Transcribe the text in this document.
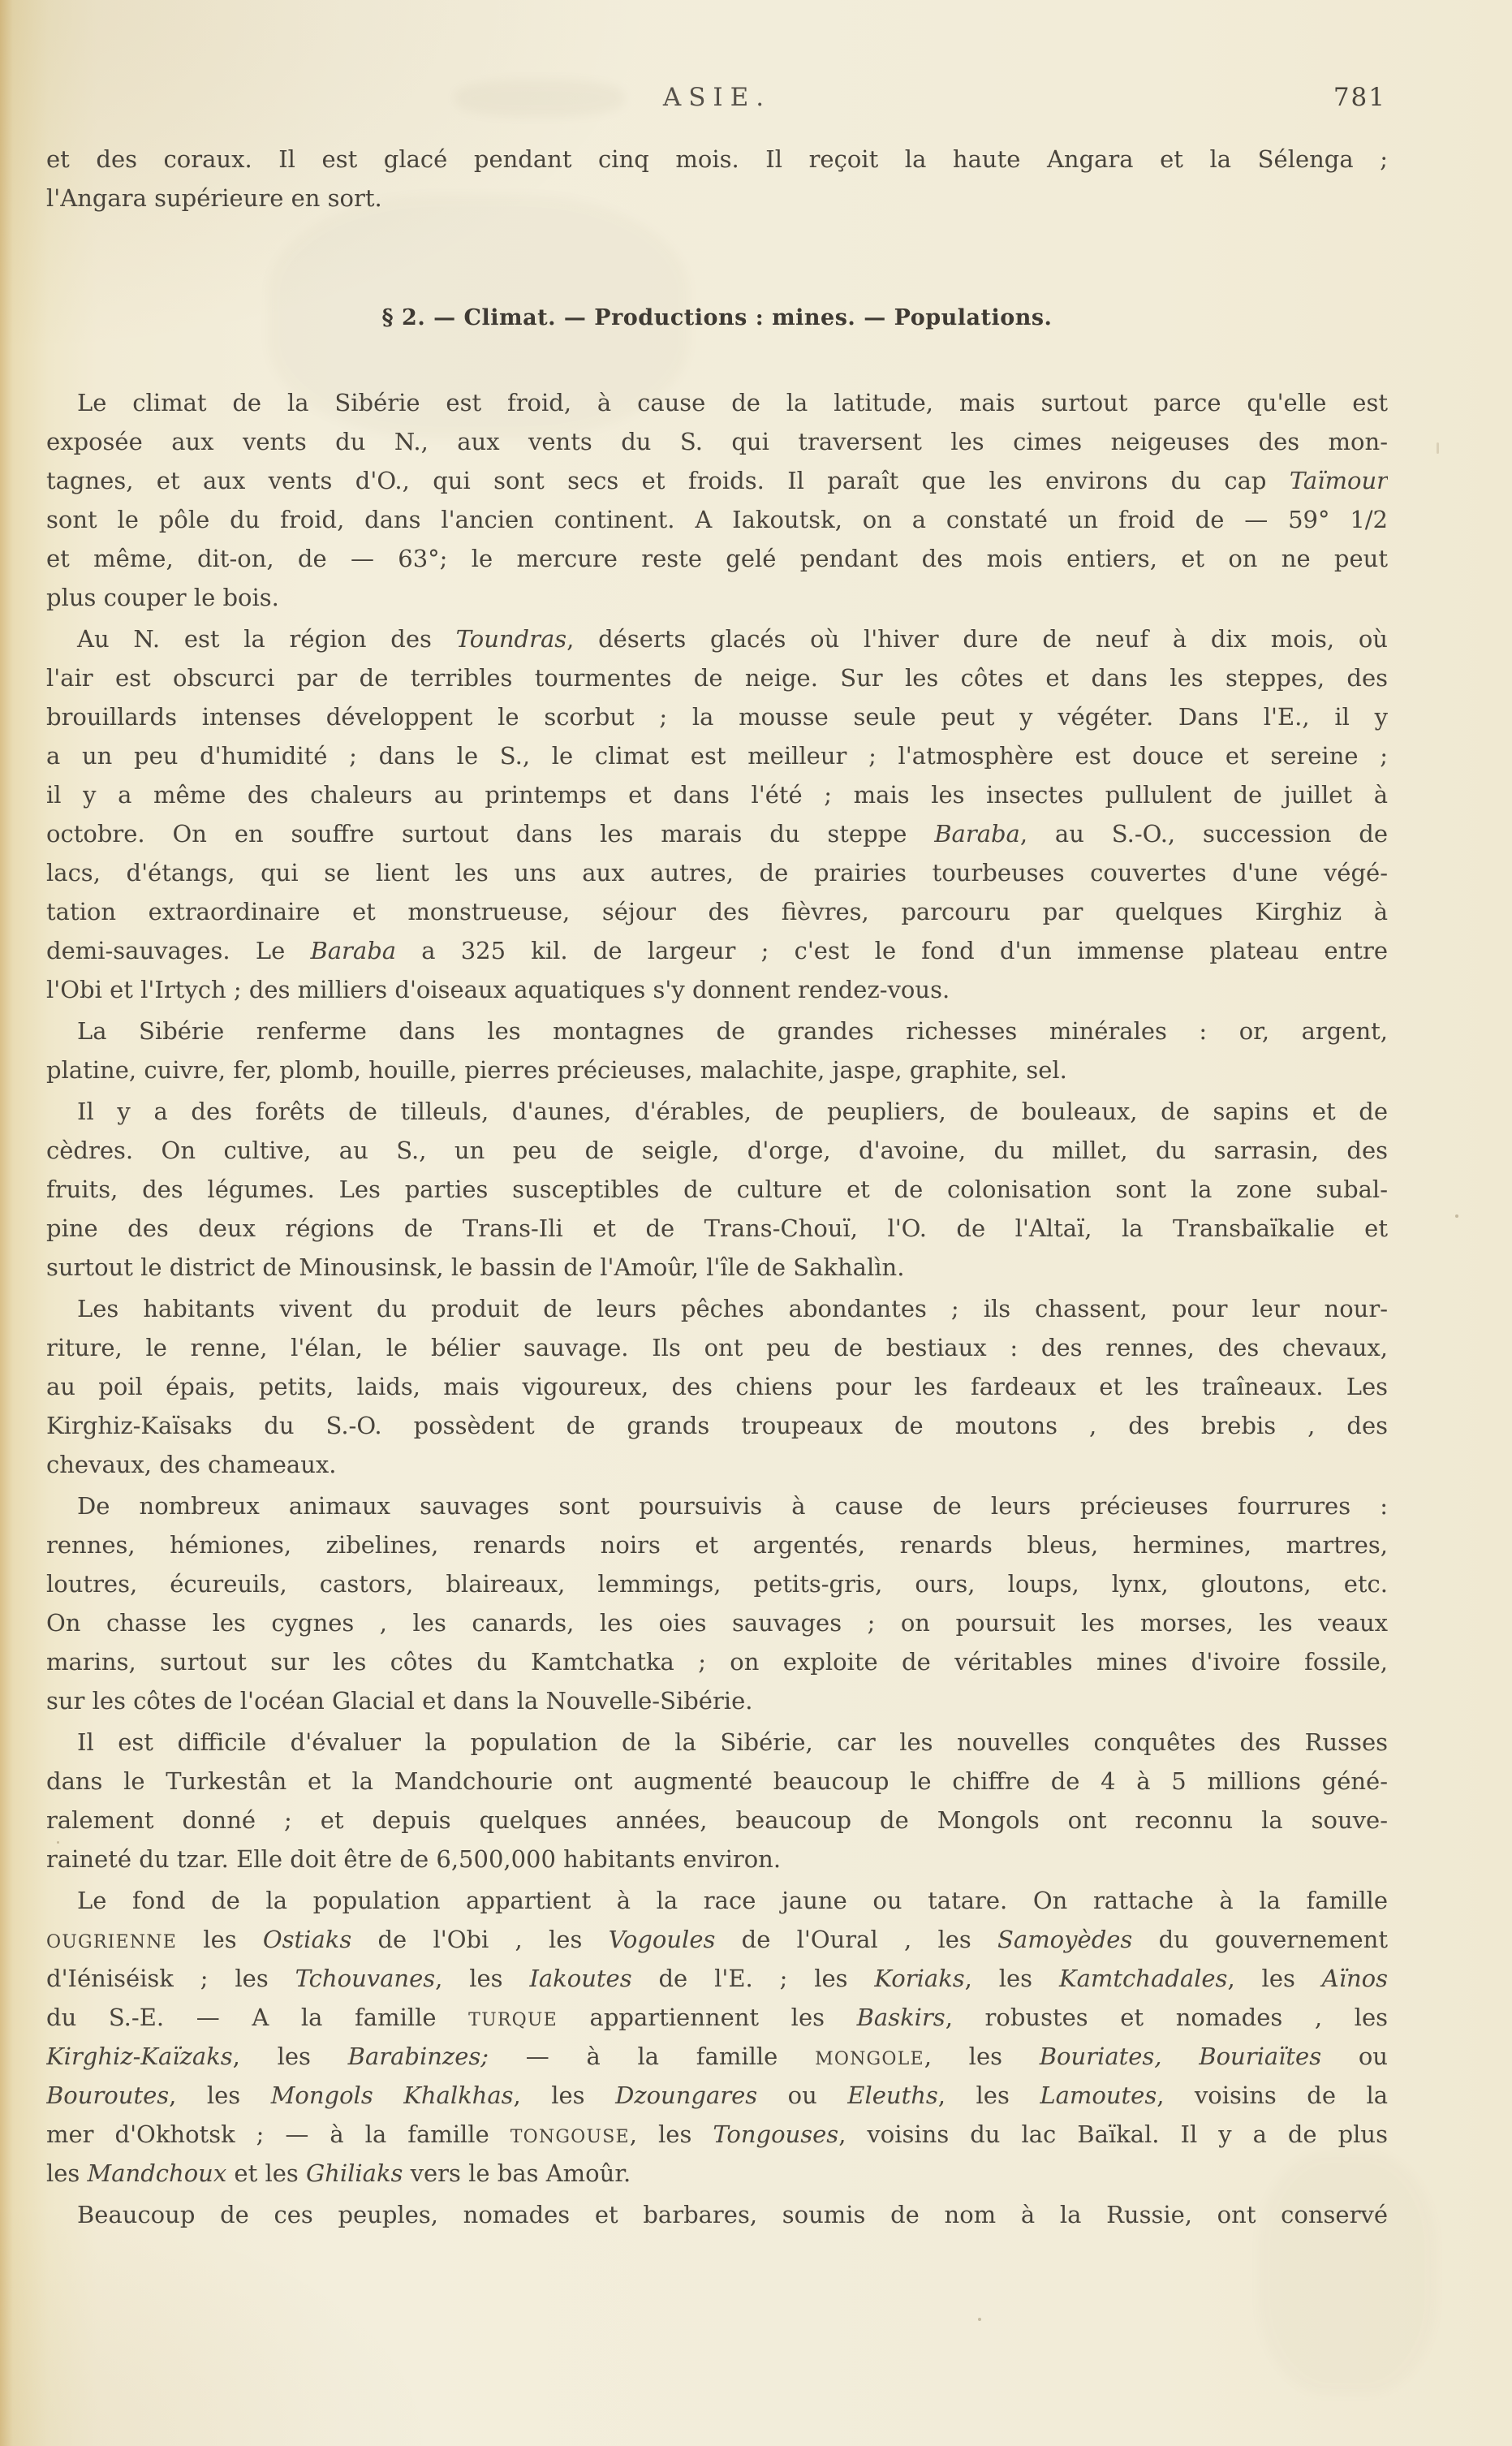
ASIE.	781
et des coraux. Il est glacé pendant cinq mois. Il reçoit la haute Angara et la Sélenga ;
l'Angara supérieure en sort.
§ 2. — Climat. — Productions : mines. — Populations.
Le climat de la Sibérie est froid, à cause de la latitude, mais surtout parce qu'elle est
exposée aux vents du N., aux vents du S. qui traversent les cimes neigeuses des mon-
tagnes, et aux vents d'O., qui sont secs et froids. Il paraît que les environs du cap Taïmour
sont le pôle du froid, dans l'ancien continent. A Iakoutsk, on a constaté un froid de — 59° 1/2
et même, dit-on, de — 63°; le mercure reste gelé pendant des mois entiers, et on ne peut
plus couper le bois.
Au N. est la région des Toundras, déserts glacés où l'hiver dure de neuf à dix mois, où
l'air est obscurci par de terribles tourmentes de neige. Sur les côtes et dans les steppes, des
brouillards intenses développent le scorbut ; la mousse seule peut y végéter. Dans l'E., il y
a un peu d'humidité ; dans le S., le climat est meilleur ; l'atmosphère est douce et sereine ;
il y a même des chaleurs au printemps et dans l'été ; mais les insectes pullulent de juillet à
octobre. On en souffre surtout dans les marais du steppe Baraba, au S.-O., succession de
lacs, d'étangs, qui se lient les uns aux autres, de prairies tourbeuses couvertes d'une végé-
tation extraordinaire et monstrueuse, séjour des fièvres, parcouru par quelques Kirghiz à
demi-sauvages. Le Baraba a 325 kil. de largeur ; c'est le fond d'un immense plateau entre
l'Obi et l'Irtych ; des milliers d'oiseaux aquatiques s'y donnent rendez-vous.
La Sibérie renferme dans les montagnes de grandes richesses minérales : or, argent,
platine, cuivre, fer, plomb, houille, pierres précieuses, malachite, jaspe, graphite, sel.
Il y a des forêts de tilleuls, d'aunes, d'érables, de peupliers, de bouleaux, de sapins et de
cèdres. On cultive, au S., un peu de seigle, d'orge, d'avoine, du millet, du sarrasin, des
fruits, des légumes. Les parties susceptibles de culture et de colonisation sont la zone subal-
pine des deux régions de Trans-Ili et de Trans-Chouï, l'O. de l'Altaï, la Transbaïkalie et
surtout le district de Minousinsk, le bassin de l'Amoûr, l'île de Sakhalìn.
Les habitants vivent du produit de leurs pêches abondantes ; ils chassent, pour leur nour-
riture, le renne, l'élan, le bélier sauvage. Ils ont peu de bestiaux : des rennes, des chevaux,
au poil épais, petits, laids, mais vigoureux, des chiens pour les fardeaux et les traîneaux. Les
Kirghiz-Kaïsaks du S.-O. possèdent de grands troupeaux de moutons , des brebis , des
chevaux, des chameaux.
De nombreux animaux sauvages sont poursuivis à cause de leurs précieuses fourrures :
rennes, hémiones, zibelines, renards noirs et argentés, renards bleus, hermines, martres,
loutres, écureuils, castors, blaireaux, lemmings, petits-gris, ours, loups, lynx, gloutons, etc.
On chasse les cygnes , les canards, les oies sauvages ; on poursuit les morses, les veaux
marins, surtout sur les côtes du Kamtchatka ; on exploite de véritables mines d'ivoire fossile,
sur les côtes de l'océan Glacial et dans la Nouvelle-Sibérie.
Il est difficile d'évaluer la population de la Sibérie, car les nouvelles conquêtes des Russes
dans le Turkestân et la Mandchourie ont augmenté beaucoup le chiffre de 4 à 5 millions géné-
ralement donné ; et depuis quelques années, beaucoup de Mongols ont reconnu la souve-
raineté du tzar. Elle doit être de 6,500,000 habitants environ.
Le fond de la population appartient à la race jaune ou tatare. On rattache à la famille
OUGRIENNE les Ostiaks de l'Obi , les Vogoules de l'Oural , les Samoyèdes du gouvernement
d'Iéniséisk ; les Tchouvanes, les Iakoutes de l'E. ; les Koriaks, les Kamtchadales, les Aïnos
du S.-E. — A la famille TURQUE appartiennent les Baskirs, robustes et nomades , les
Kirghiz-Kaïzaks, les Barabinzes; — à la famille MONGOLE, les Bouriates, Bouriaïtes ou
Bouroutes, les Mongols Khalkhas, les Dzoungares ou Eleuths, les Lamoutes, voisins de la
mer d'Okhotsk ; — à la famille TONGOUSE, les Tongouses, voisins du lac Baïkal. Il y a de plus
les Mandchoux et les Ghiliaks vers le bas Amoûr.
Beaucoup de ces peuples, nomades et barbares, soumis de nom à la Russie, ont conservé
